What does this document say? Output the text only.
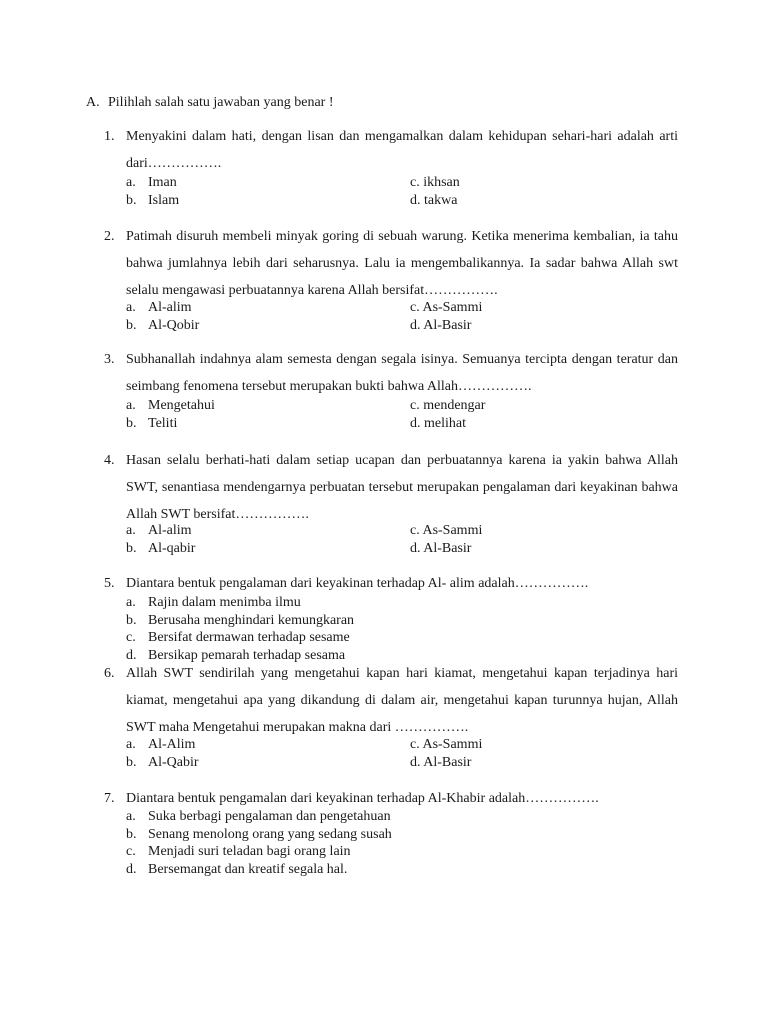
A. Pilihlah salah satu jawaban yang benar !
1. Menyakini dalam hati, dengan lisan dan mengamalkan dalam kehidupan sehari-hari adalah arti dari…………….
a. Iman	c. ikhsan
b. Islam	d. takwa
2. Patimah disuruh membeli minyak goring di sebuah warung. Ketika menerima kembalian, ia tahu bahwa jumlahnya lebih dari seharusnya. Lalu ia mengembalikannya. Ia sadar bahwa Allah swt selalu mengawasi perbuatannya karena Allah bersifat…………….
a. Al-alim	c. As-Sammi
b. Al-Qobir	d. Al-Basir
3. Subhanallah indahnya alam semesta dengan segala isinya. Semuanya tercipta dengan teratur dan seimbang fenomena tersebut merupakan bukti bahwa Allah…………….
a. Mengetahui	c. mendengar
b. Teliti	d. melihat
4. Hasan selalu berhati-hati dalam setiap ucapan dan perbuatannya karena ia yakin bahwa Allah SWT, senantiasa mendengarnya perbuatan tersebut merupakan pengalaman dari keyakinan bahwa Allah SWT bersifat…………….
a. Al-alim	c. As-Sammi
b. Al-qabir	d. Al-Basir
5. Diantara bentuk pengalaman dari keyakinan terhadap Al- alim adalah…………….
a. Rajin dalam menimba ilmu
b. Berusaha menghindari kemungkaran
c. Bersifat dermawan terhadap sesame
d. Bersikap pemarah terhadap sesama
6. Allah SWT sendirilah yang mengetahui kapan hari kiamat, mengetahui kapan terjadinya hari kiamat, mengetahui apa yang dikandung di dalam air, mengetahui kapan turunnya hujan, Allah SWT maha Mengetahui merupakan makna dari …………….
a. Al-Alim	c. As-Sammi
b. Al-Qabir	d. Al-Basir
7. Diantara bentuk pengamalan dari keyakinan terhadap Al-Khabir adalah…………….
a. Suka berbagi pengalaman dan pengetahuan
b. Senang menolong orang yang sedang susah
c. Menjadi suri teladan bagi orang lain
d. Bersemangat dan kreatif segala hal.
